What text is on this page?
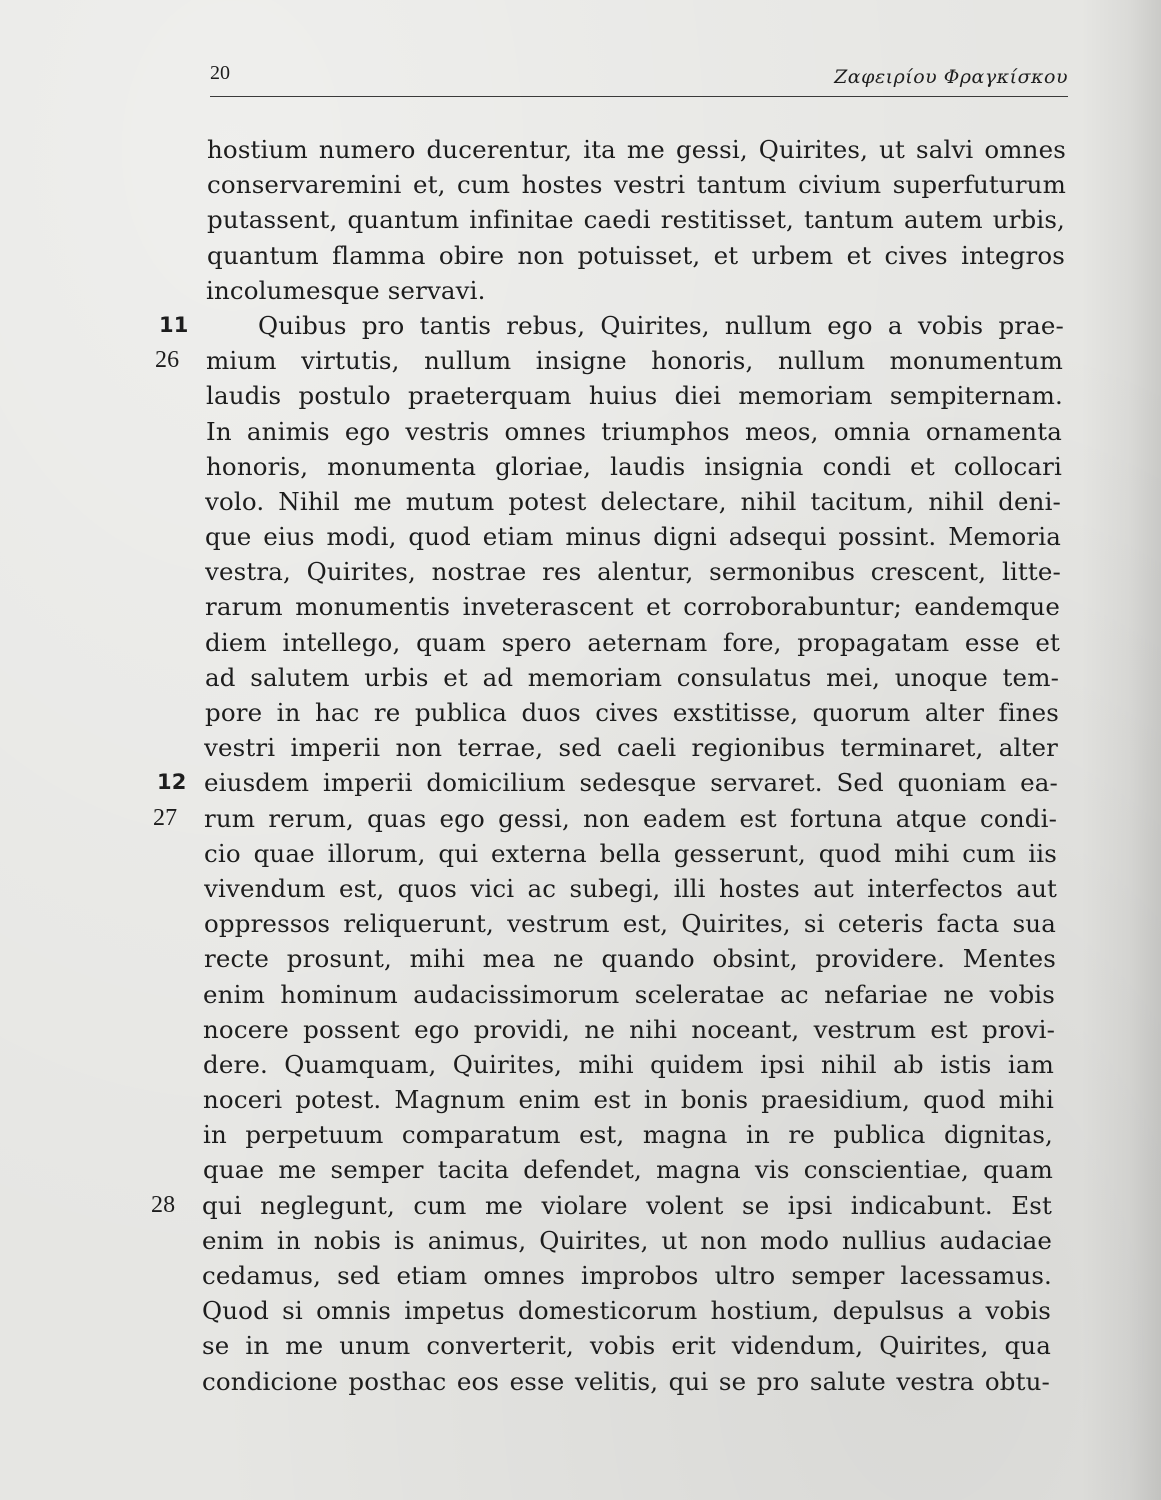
20	Ζαφειρίου Φραγκίσκου
hostium numero ducerentur, ita me gessi, Quirites, ut salvi omnes
conservaremini et, cum hostes vestri tantum civium superfuturum
putassent, quantum infinitae caedi restitisset, tantum autem urbis,
quantum flamma obire non potuisset, et urbem et cives integros
incolumesque servavi.
11	Quibus pro tantis rebus, Quirites, nullum ego a vobis prae-
26 mium virtutis, nullum insigne honoris, nullum monumentum
laudis postulo praeterquam huius diei memoriam sempiternam.
In animis ego vestris omnes triumphos meos, omnia ornamenta
honoris, monumenta gloriae, laudis insignia condi et collocari
volo. Nihil me mutum potest delectare, nihil tacitum, nihil deni-
que eius modi, quod etiam minus digni adsequi possint. Memoria
vestra, Quirites, nostrae res alentur, sermonibus crescent, litte-
rarum monumentis inveterascent et corroborabuntur; eandemque
diem intellego, quam spero aeternam fore, propagatam esse et
ad salutem urbis et ad memoriam consulatus mei, unoque tem-
pore in hac re publica duos cives exstitisse, quorum alter fines
vestri imperii non terrae, sed caeli regionibus terminaret, alter
12 eiusdem imperii domicilium sedesque servaret. Sed quoniam ea-
27 rum rerum, quas ego gessi, non eadem est fortuna atque condi-
cio quae illorum, qui externa bella gesserunt, quod mihi cum iis
vivendum est, quos vici ac subegi, illi hostes aut interfectos aut
oppressos reliquerunt, vestrum est, Quirites, si ceteris facta sua
recte prosunt, mihi mea ne quando obsint, providere. Mentes
enim hominum audacissimorum sceleratae ac nefariae ne vobis
nocere possent ego providi, ne nihi noceant, vestrum est provi-
dere. Quamquam, Quirites, mihi quidem ipsi nihil ab istis iam
noceri potest. Magnum enim est in bonis praesidium, quod mihi
in perpetuum comparatum est, magna in re publica dignitas,
quae me semper tacita defendet, magna vis conscientiae, quam
28 qui neglegunt, cum me violare volent se ipsi indicabunt. Est
enim in nobis is animus, Quirites, ut non modo nullius audaciae
cedamus, sed etiam omnes improbos ultro semper lacessamus.
Quod si omnis impetus domesticorum hostium, depulsus a vobis
se in me unum converterit, vobis erit videndum, Quirites, qua
condicione posthac eos esse velitis, qui se pro salute vestra obtu-
